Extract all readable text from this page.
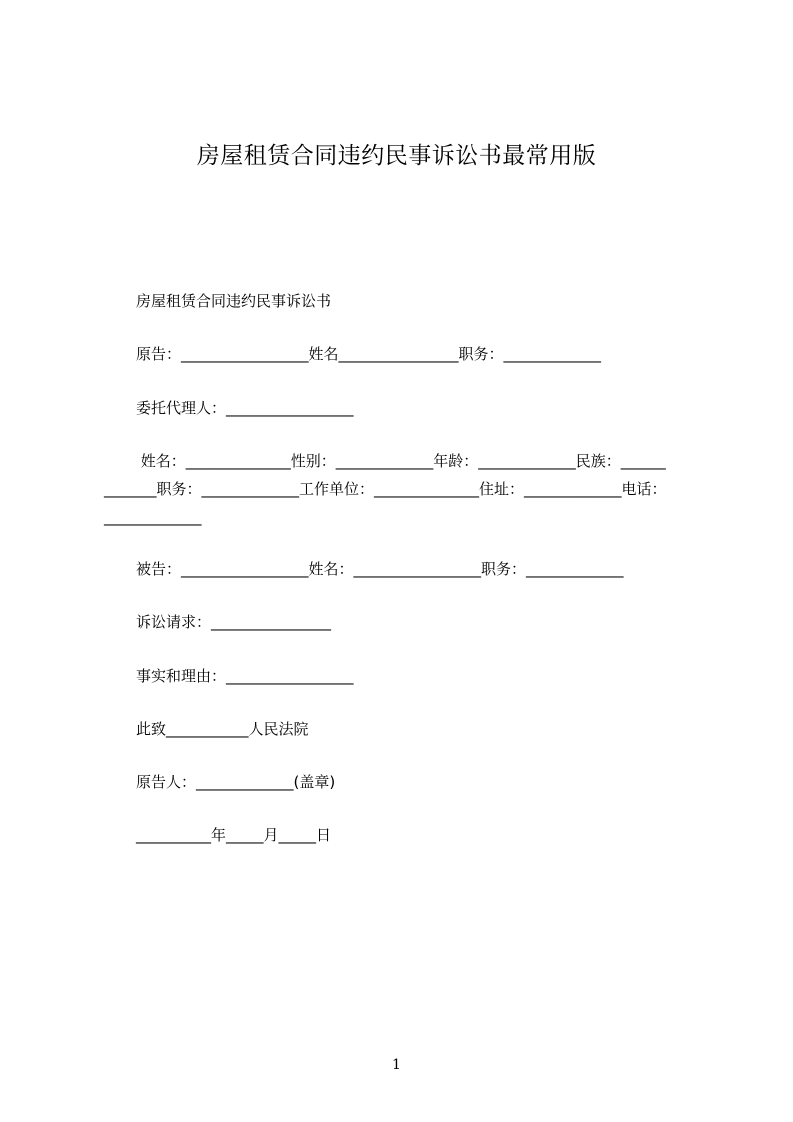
房屋租赁合同违约民事诉讼书最常用版
房屋租赁合同违约民事诉讼书
原告：_________________姓名________________职务：_____________
委托代理人：_________________
姓名：______________性别：_____________年龄：_____________民族：______
_______职务：_____________工作单位：______________住址：_____________电话：
_____________
被告：_________________姓名：_________________职务：_____________
诉讼请求：________________
事实和理由：_________________
此致___________人民法院
原告人：_____________(盖章)
__________年_____月_____日
1
